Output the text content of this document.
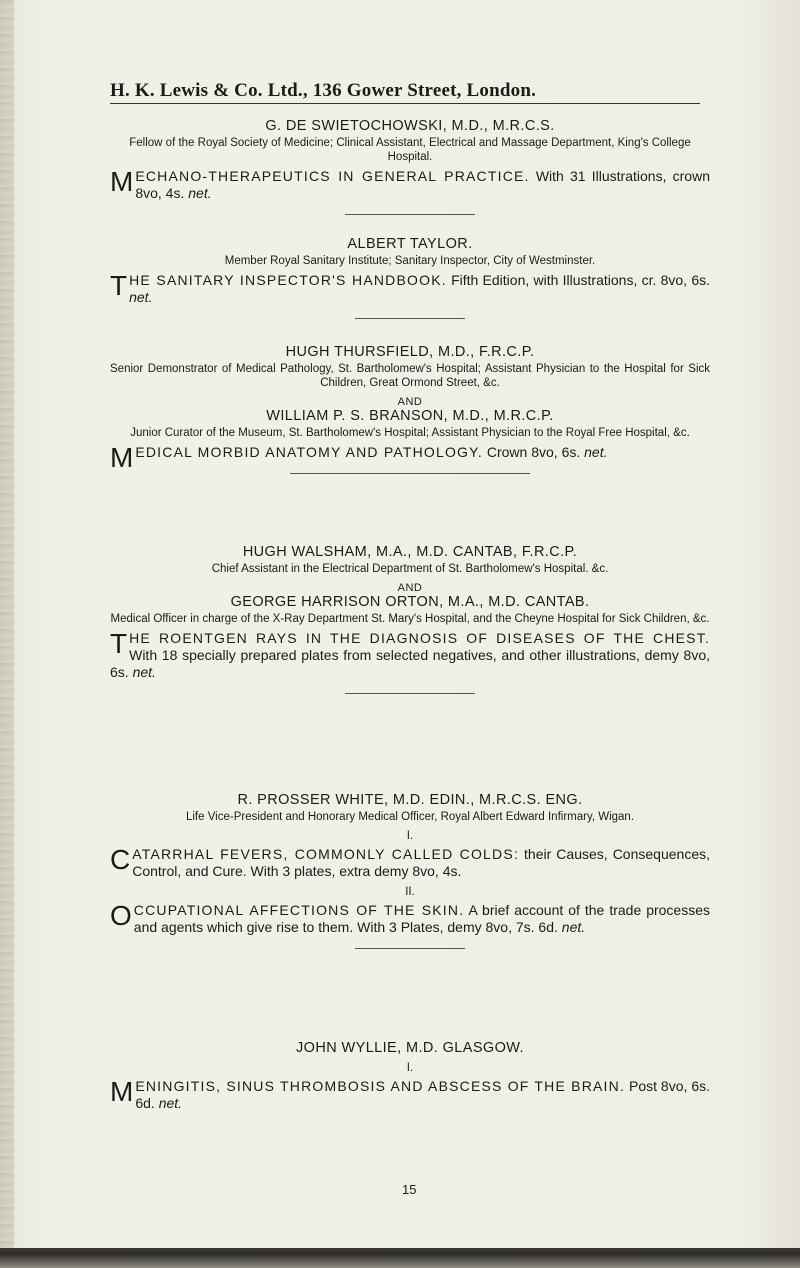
H. K. Lewis & Co. Ltd., 136 Gower Street, London.

G. DE SWIETOCHOWSKI, M.D., M.R.C.S.

Fellow of the Royal Society of Medicine; Clinical Assistant, Electrical and Massage Department, King's College Hospital.

MECHANO-THERAPEUTICS IN GENERAL PRACTICE. With 31 Illustrations, crown 8vo, 4s. net.

ALBERT TAYLOR.

Member Royal Sanitary Institute; Sanitary Inspector, City of Westminster.

THE SANITARY INSPECTOR'S HANDBOOK. Fifth Edition, with Illustrations, cr. 8vo, 6s. net.

HUGH THURSFIELD, M.D., F.R.C.P.

Senior Demonstrator of Medical Pathology, St. Bartholomew's Hospital; Assistant Physician to the Hospital for Sick Children, Great Ormond Street, &c.

AND

WILLIAM P. S. BRANSON, M.D., M.R.C.P.

Junior Curator of the Museum, St. Bartholomew's Hospital; Assistant Physician to the Royal Free Hospital, &c.

MEDICAL MORBID ANATOMY AND PATHOLOGY. Crown 8vo, 6s. net.

HUGH WALSHAM, M.A., M.D. CANTAB, F.R.C.P.

Chief Assistant in the Electrical Department of St. Bartholomew's Hospital. &c.

AND

GEORGE HARRISON ORTON, M.A., M.D. CANTAB.

Medical Officer in charge of the X-Ray Department St. Mary's Hospital, and the Cheyne Hospital for Sick Children, &c.

THE ROENTGEN RAYS IN THE DIAGNOSIS OF DISEASES OF THE CHEST. With 18 specially prepared plates from selected negatives, and other illustrations, demy 8vo, 6s. net.

R. PROSSER WHITE, M.D. EDIN., M.R.C.S. ENG.

Life Vice-President and Honorary Medical Officer, Royal Albert Edward Infirmary, Wigan.

I.

CATARRHAL FEVERS, COMMONLY CALLED COLDS: their Causes, Consequences, Control, and Cure. With 3 plates, extra demy 8vo, 4s.

II.

OCCUPATIONAL AFFECTIONS OF THE SKIN. A brief account of the trade processes and agents which give rise to them. With 3 Plates, demy 8vo, 7s. 6d. net.

JOHN WYLLIE, M.D. GLASGOW.

I.

MENINGITIS, SINUS THROMBOSIS AND ABSCESS OF THE BRAIN. Post 8vo, 6s. 6d. net.

15
